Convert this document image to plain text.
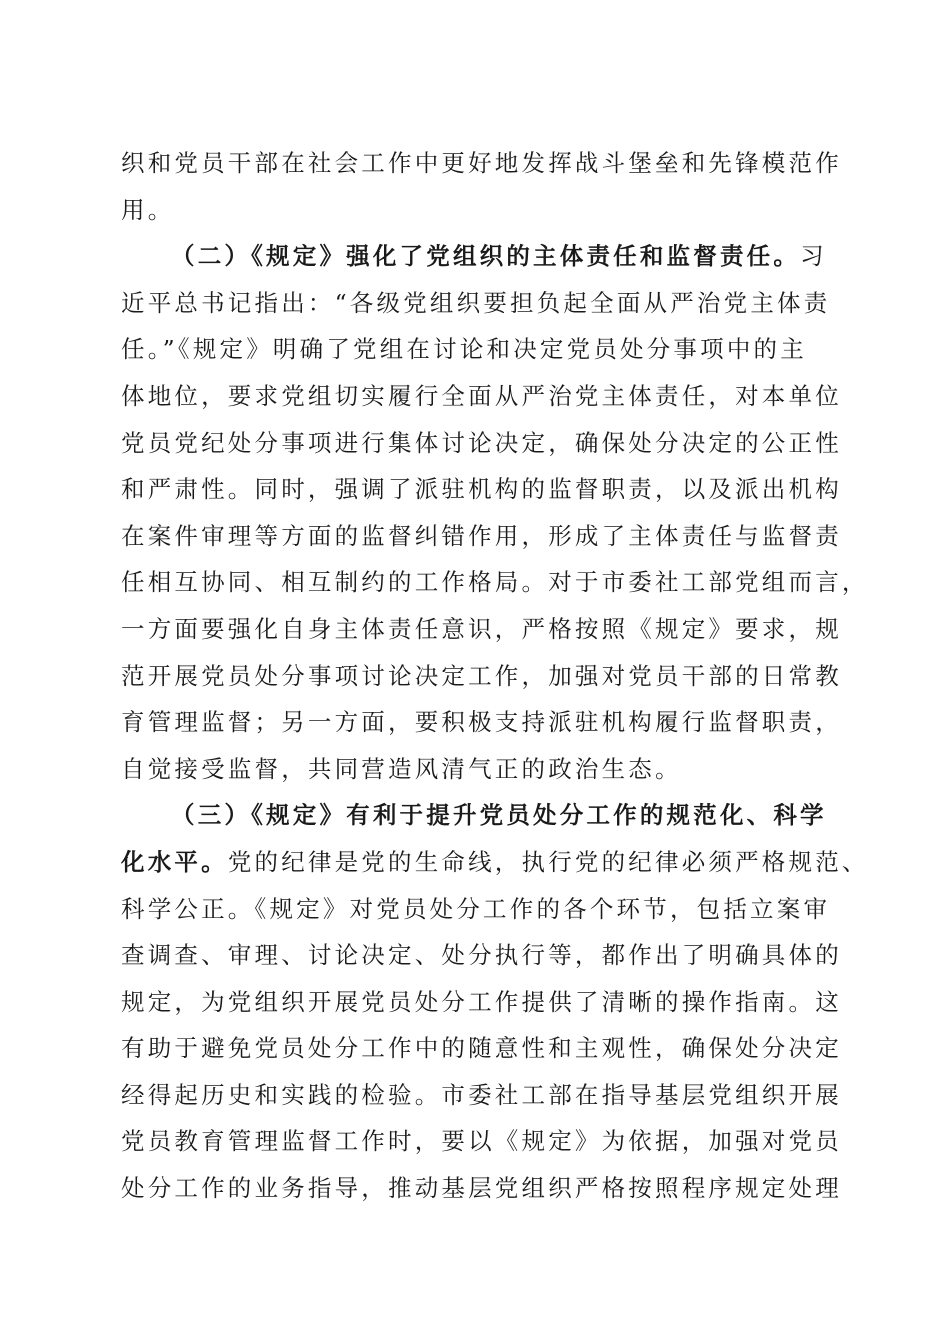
织和党员干部在社会工作中更好地发挥战斗堡垒和先锋模范作
用。
（二）《规定》强化了党组织的主体责任和监督责任。习
近平总书记指出：“各级党组织要担负起全面从严治党主体责
任。”《规定》明确了党组在讨论和决定党员处分事项中的主
体地位，要求党组切实履行全面从严治党主体责任，对本单位
党员党纪处分事项进行集体讨论决定，确保处分决定的公正性
和严肃性。同时，强调了派驻机构的监督职责，以及派出机构
在案件审理等方面的监督纠错作用，形成了主体责任与监督责
任相互协同、相互制约的工作格局。对于市委社工部党组而言，
一方面要强化自身主体责任意识，严格按照《规定》要求，规
范开展党员处分事项讨论决定工作，加强对党员干部的日常教
育管理监督；另一方面，要积极支持派驻机构履行监督职责，
自觉接受监督，共同营造风清气正的政治生态。
（三）《规定》有利于提升党员处分工作的规范化、科学
化水平。党的纪律是党的生命线，执行党的纪律必须严格规范、
科学公正。《规定》对党员处分工作的各个环节，包括立案审
查调查、审理、讨论决定、处分执行等，都作出了明确具体的
规定，为党组织开展党员处分工作提供了清晰的操作指南。这
有助于避免党员处分工作中的随意性和主观性，确保处分决定
经得起历史和实践的检验。市委社工部在指导基层党组织开展
党员教育管理监督工作时，要以《规定》为依据，加强对党员
处分工作的业务指导，推动基层党组织严格按照程序规定处理
